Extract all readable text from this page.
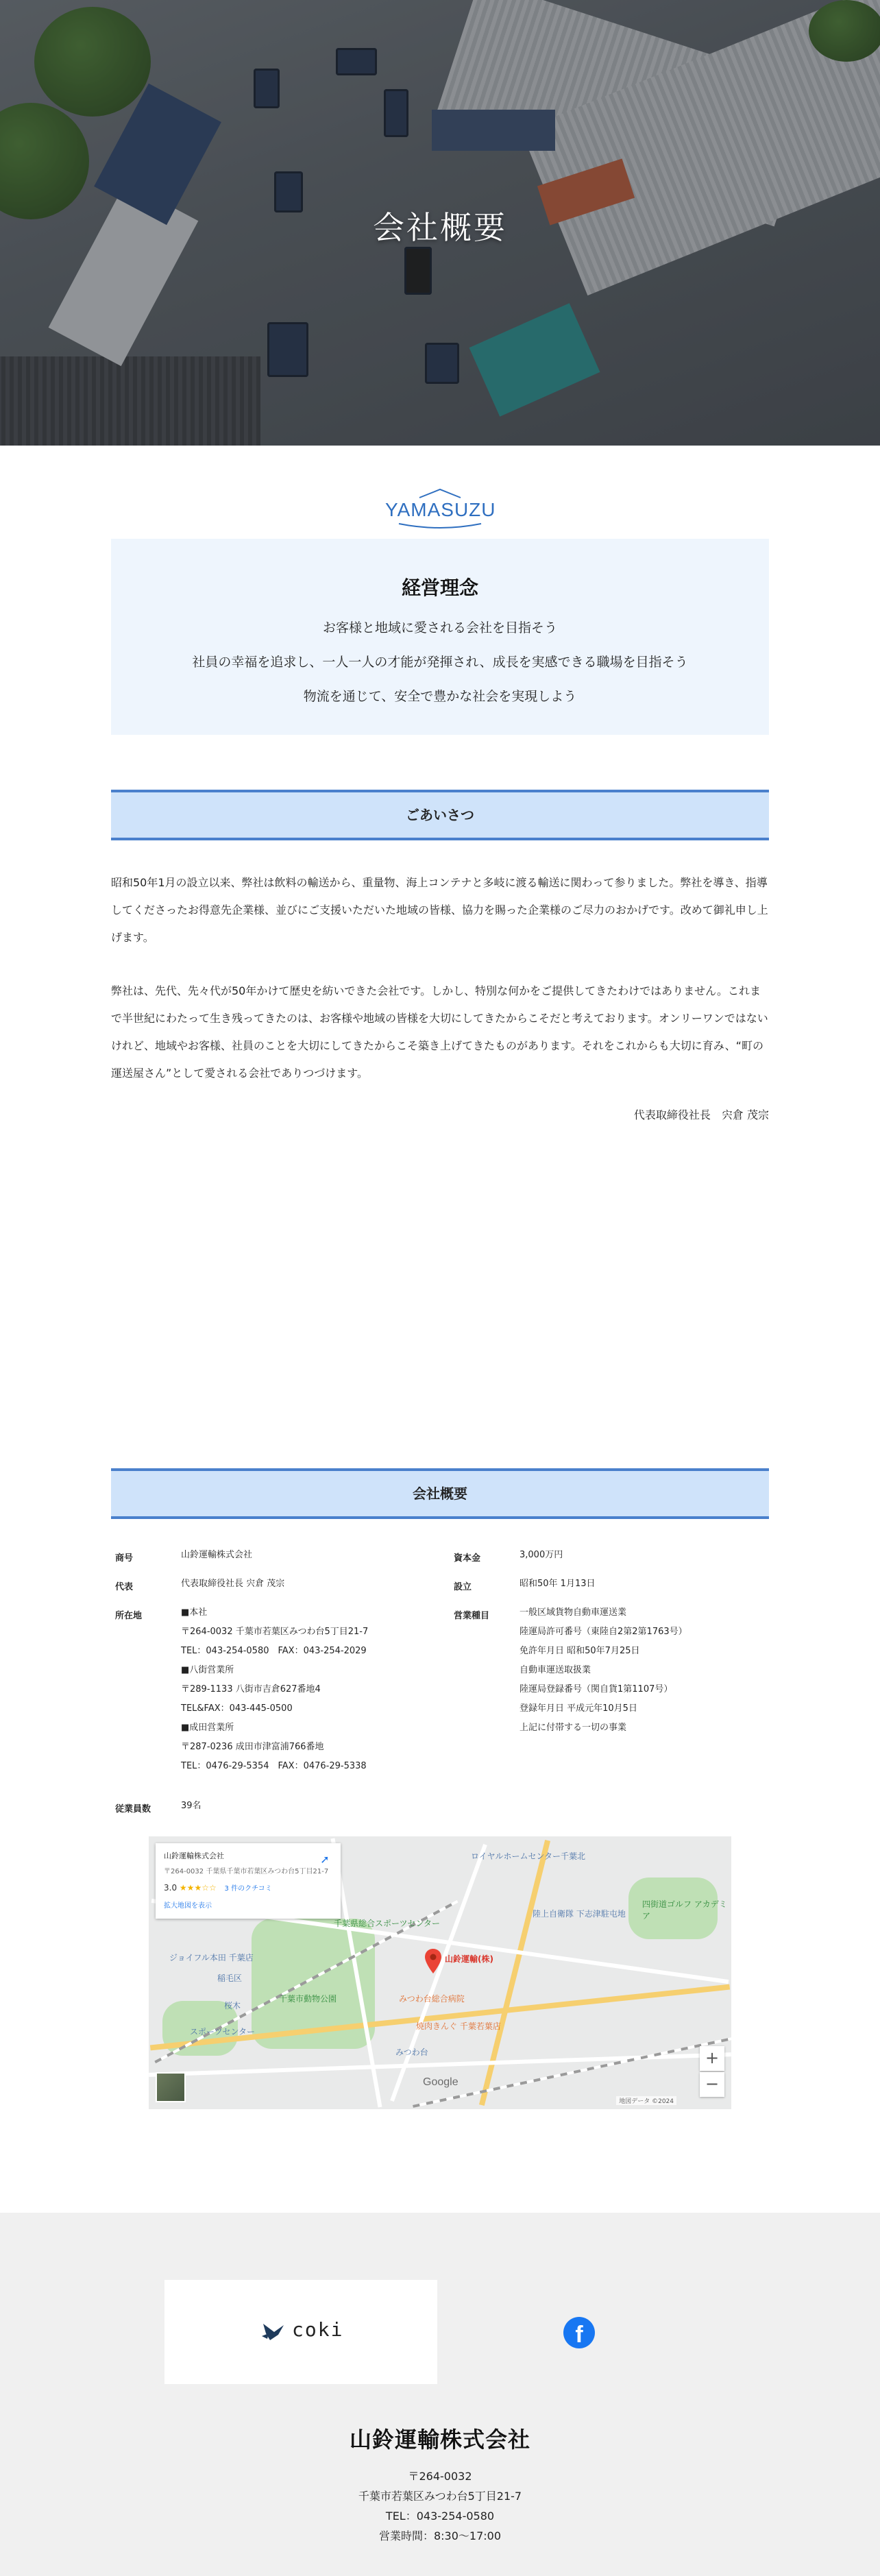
会社概要
YAMASUZU
経営理念

お客様と地域に愛される会社を目指そう

社員の幸福を追求し、一人一人の才能が発揮され、成長を実感できる職場を目指そう

物流を通じて、安全で豊かな社会を実現しよう

ごあいさつ

昭和50年1月の設立以来、弊社は飲料の輸送から、重量物、海上コンテナと多岐に渡る輸送に関わって参りました。弊社を導き、指導してくださったお得意先企業様、並びにご支援いただいた地域の皆様、協力を賜った企業様のご尽力のおかげです。改めて御礼申し上げます。

弊社は、先代、先々代が50年かけて歴史を紡いできた会社です。しかし、特別な何かをご提供してきたわけではありません。これまで半世紀にわたって生き残ってきたのは、お客様や地域の皆様を大切にしてきたからこそだと考えております。オンリーワンではないけれど、地域やお客様、社員のことを大切にしてきたからこそ築き上げてきたものがあります。それをこれからも大切に育み、“町の運送屋さん”として愛される会社でありつづけます。

代表取締役社長　宍倉 茂宗
会社概要
商号	山鈴運輸株式会社
代表	代表取締役社長 宍倉 茂宗
所在地	■本社
〒264-0032 千葉市若葉区みつわ台5丁目21-7
TEL：043-254-0580　FAX：043-254-2029
■八街営業所
〒289-1133 八街市吉倉627番地4
TEL&FAX：043-445-0500
■成田営業所
〒287-0236 成田市津富浦766番地
TEL：0476-29-5354　FAX：0476-29-5338
従業員数	39名
資本金	3,000万円
設立	昭和50年 1月13日
営業種目	一般区域貨物自動車運送業
陸運局許可番号（東陸自2第2第1763号）
免許年月日 昭和50年7月25日
自動車運送取扱業
陸運局登録番号（関自貨1第1107号）
登録年月日 平成元年10月5日
上記に付帯する一切の事業
ロイヤルホームセンター千葉北
千葉県総合スポーツセンター
千葉市動物公園	みつわ台総合病院
焼肉きんぐ 千葉若葉店
ジョイフル本田 千葉店
稲毛区
陸上自衛隊 下志津駐屯地
四街道ゴルフ アカデミア
みつわ台
桜木
スポーツセンター
山鈴運輸(株)
山鈴運輸株式会社
〒264-0032 千葉県千葉市若葉区みつわ台5丁目21-7
3.0 ★★★☆☆ 3 件のクチコミ
拡大地図を表示
➚
+
−
Google
地図データ ©2024
coki	f
山鈴運輸株式会社
〒264-0032
千葉市若葉区みつわ台5丁目21-7
TEL：043-254-0580
営業時間：8:30〜17:00
